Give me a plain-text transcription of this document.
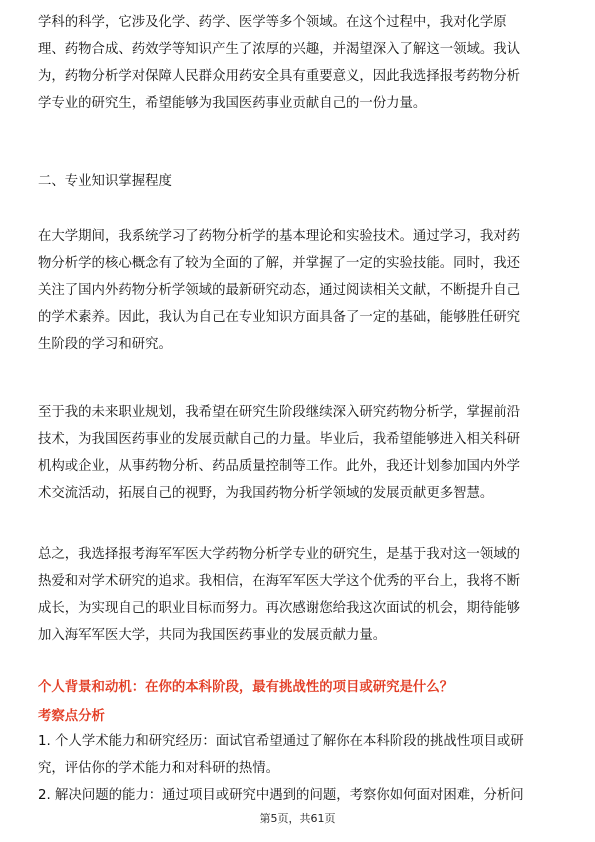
学科的科学，它涉及化学、药学、医学等多个领域。在这个过程中，我对化学原
理、药物合成、药效学等知识产生了浓厚的兴趣，并渴望深入了解这一领域。我认
为，药物分析学对保障人民群众用药安全具有重要意义，因此我选择报考药物分析
学专业的研究生，希望能够为我国医药事业贡献自己的一份力量。
二、专业知识掌握程度
在大学期间，我系统学习了药物分析学的基本理论和实验技术。通过学习，我对药
物分析学的核心概念有了较为全面的了解，并掌握了一定的实验技能。同时，我还
关注了国内外药物分析学领域的最新研究动态，通过阅读相关文献，不断提升自己
的学术素养。因此，我认为自己在专业知识方面具备了一定的基础，能够胜任研究
生阶段的学习和研究。
至于我的未来职业规划，我希望在研究生阶段继续深入研究药物分析学，掌握前沿
技术，为我国医药事业的发展贡献自己的力量。毕业后，我希望能够进入相关科研
机构或企业，从事药物分析、药品质量控制等工作。此外，我还计划参加国内外学
术交流活动，拓展自己的视野，为我国药物分析学领域的发展贡献更多智慧。
总之，我选择报考海军军医大学药物分析学专业的研究生，是基于我对这一领域的
热爱和对学术研究的追求。我相信，在海军军医大学这个优秀的平台上，我将不断
成长，为实现自己的职业目标而努力。再次感谢您给我这次面试的机会，期待能够
加入海军军医大学，共同为我国医药事业的发展贡献力量。
个人背景和动机：在你的本科阶段，最有挑战性的项目或研究是什么？
考察点分析
1. 个人学术能力和研究经历：面试官希望通过了解你在本科阶段的挑战性项目或研
究，评估你的学术能力和对科研的热情。
2. 解决问题的能力：通过项目或研究中遇到的问题，考察你如何面对困难，分析问
第5页，共61页
